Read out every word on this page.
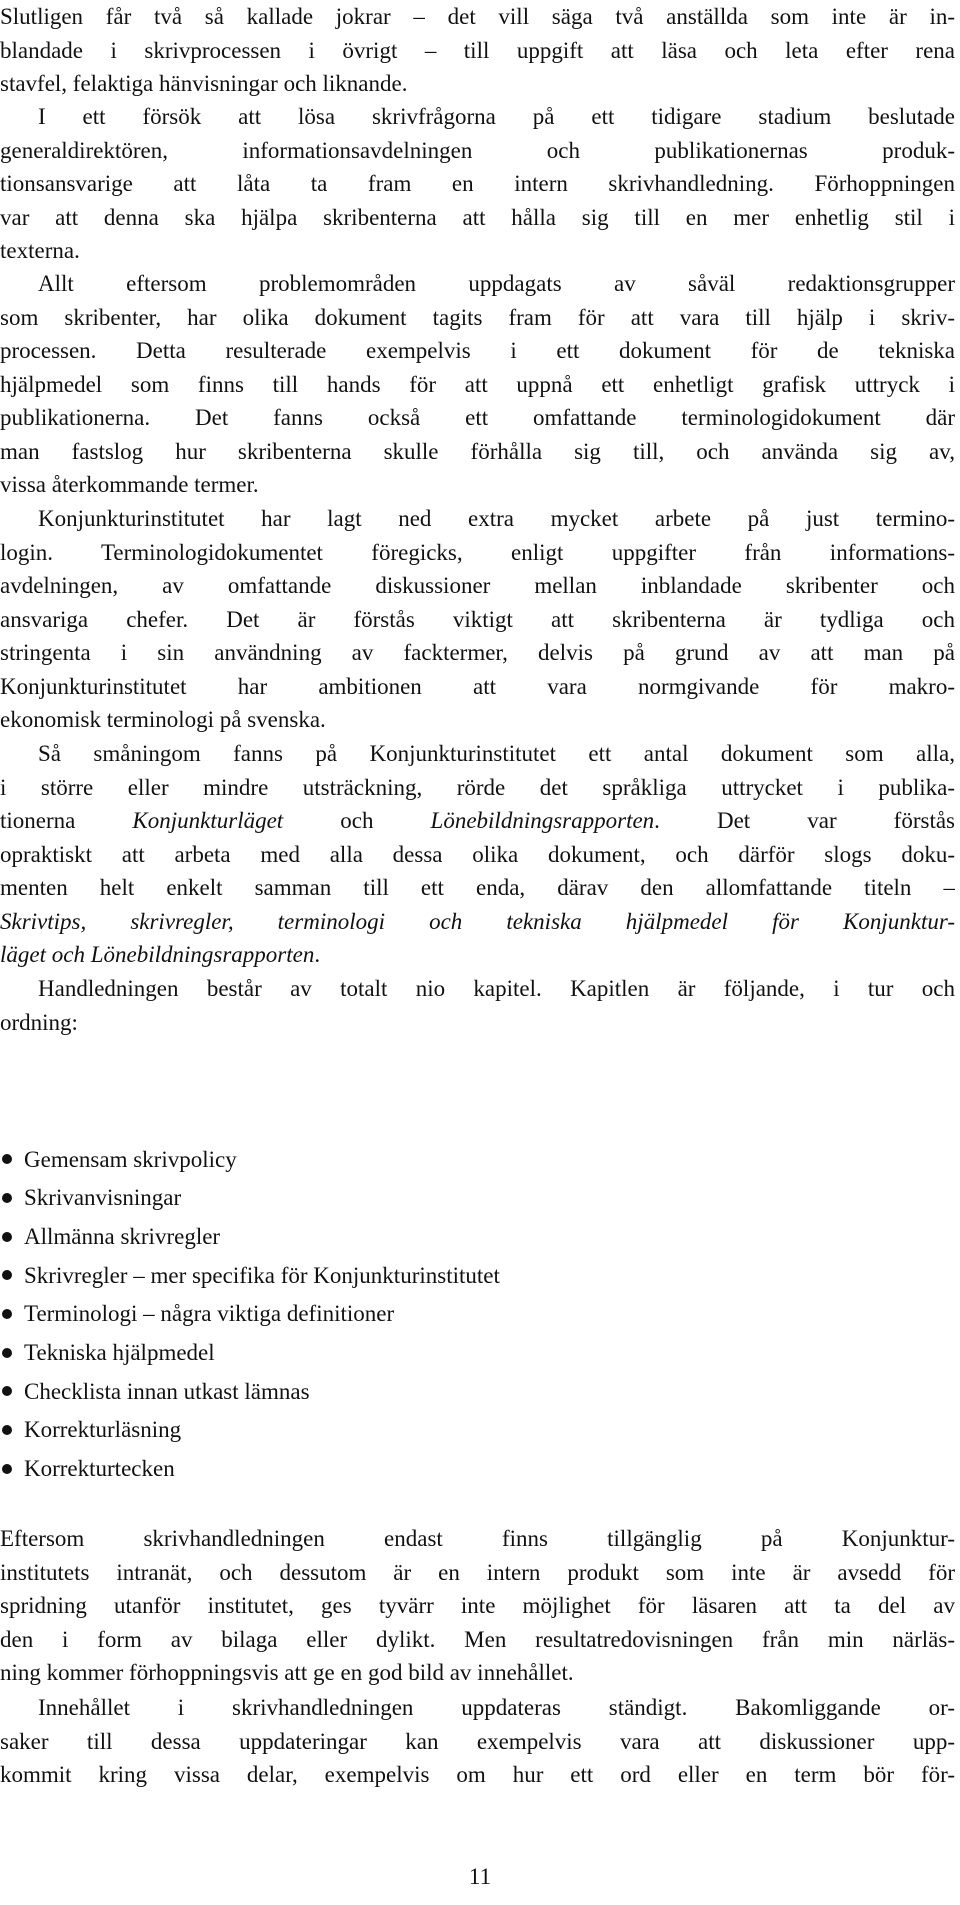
Slutligen får två så kallade jokrar – det vill säga två anställda som inte är in-
blandade i skrivprocessen i övrigt – till uppgift att läsa och leta efter rena
stavfel, felaktiga hänvisningar och liknande.
I ett försök att lösa skrivfrågorna på ett tidigare stadium beslutade
generaldirektören, informationsavdelningen och publikationernas produk-
tionsansvarige att låta ta fram en intern skrivhandledning. Förhoppningen
var att denna ska hjälpa skribenterna att hålla sig till en mer enhetlig stil i
texterna.
Allt eftersom problemområden uppdagats av såväl redaktionsgrupper
som skribenter, har olika dokument tagits fram för att vara till hjälp i skriv-
processen. Detta resulterade exempelvis i ett dokument för de tekniska
hjälpmedel som finns till hands för att uppnå ett enhetligt grafisk uttryck i
publikationerna. Det fanns också ett omfattande terminologidokument där
man fastslog hur skribenterna skulle förhålla sig till, och använda sig av,
vissa återkommande termer.
Konjunkturinstitutet har lagt ned extra mycket arbete på just termino-
login. Terminologidokumentet föregicks, enligt uppgifter från informations-
avdelningen, av omfattande diskussioner mellan inblandade skribenter och
ansvariga chefer. Det är förstås viktigt att skribenterna är tydliga och
stringenta i sin användning av facktermer, delvis på grund av att man på
Konjunkturinstitutet har ambitionen att vara normgivande för makro-
ekonomisk terminologi på svenska.
Så småningom fanns på Konjunkturinstitutet ett antal dokument som alla,
i större eller mindre utsträckning, rörde det språkliga uttrycket i publika-
tionerna Konjunkturläget och Lönebildningsrapporten. Det var förstås
opraktiskt att arbeta med alla dessa olika dokument, och därför slogs doku-
menten helt enkelt samman till ett enda, därav den allomfattande titeln –
Skrivtips, skrivregler, terminologi och tekniska hjälpmedel för Konjunktur-
läget och Lönebildningsrapporten.
Handledningen består av totalt nio kapitel. Kapitlen är följande, i tur och
ordning:
Gemensam skrivpolicy
Skrivanvisningar
Allmänna skrivregler
Skrivregler – mer specifika för Konjunkturinstitutet
Terminologi – några viktiga definitioner
Tekniska hjälpmedel
Checklista innan utkast lämnas
Korrekturläsning
Korrekturtecken
Eftersom skrivhandledningen endast finns tillgänglig på Konjunktur-
institutets intranät, och dessutom är en intern produkt som inte är avsedd för
spridning utanför institutet, ges tyvärr inte möjlighet för läsaren att ta del av
den i form av bilaga eller dylikt. Men resultatredovisningen från min närläs-
ning kommer förhoppningsvis att ge en god bild av innehållet.
Innehållet i skrivhandledningen uppdateras ständigt. Bakomliggande or-
saker till dessa uppdateringar kan exempelvis vara att diskussioner upp-
kommit kring vissa delar, exempelvis om hur ett ord eller en term bör för-
11
